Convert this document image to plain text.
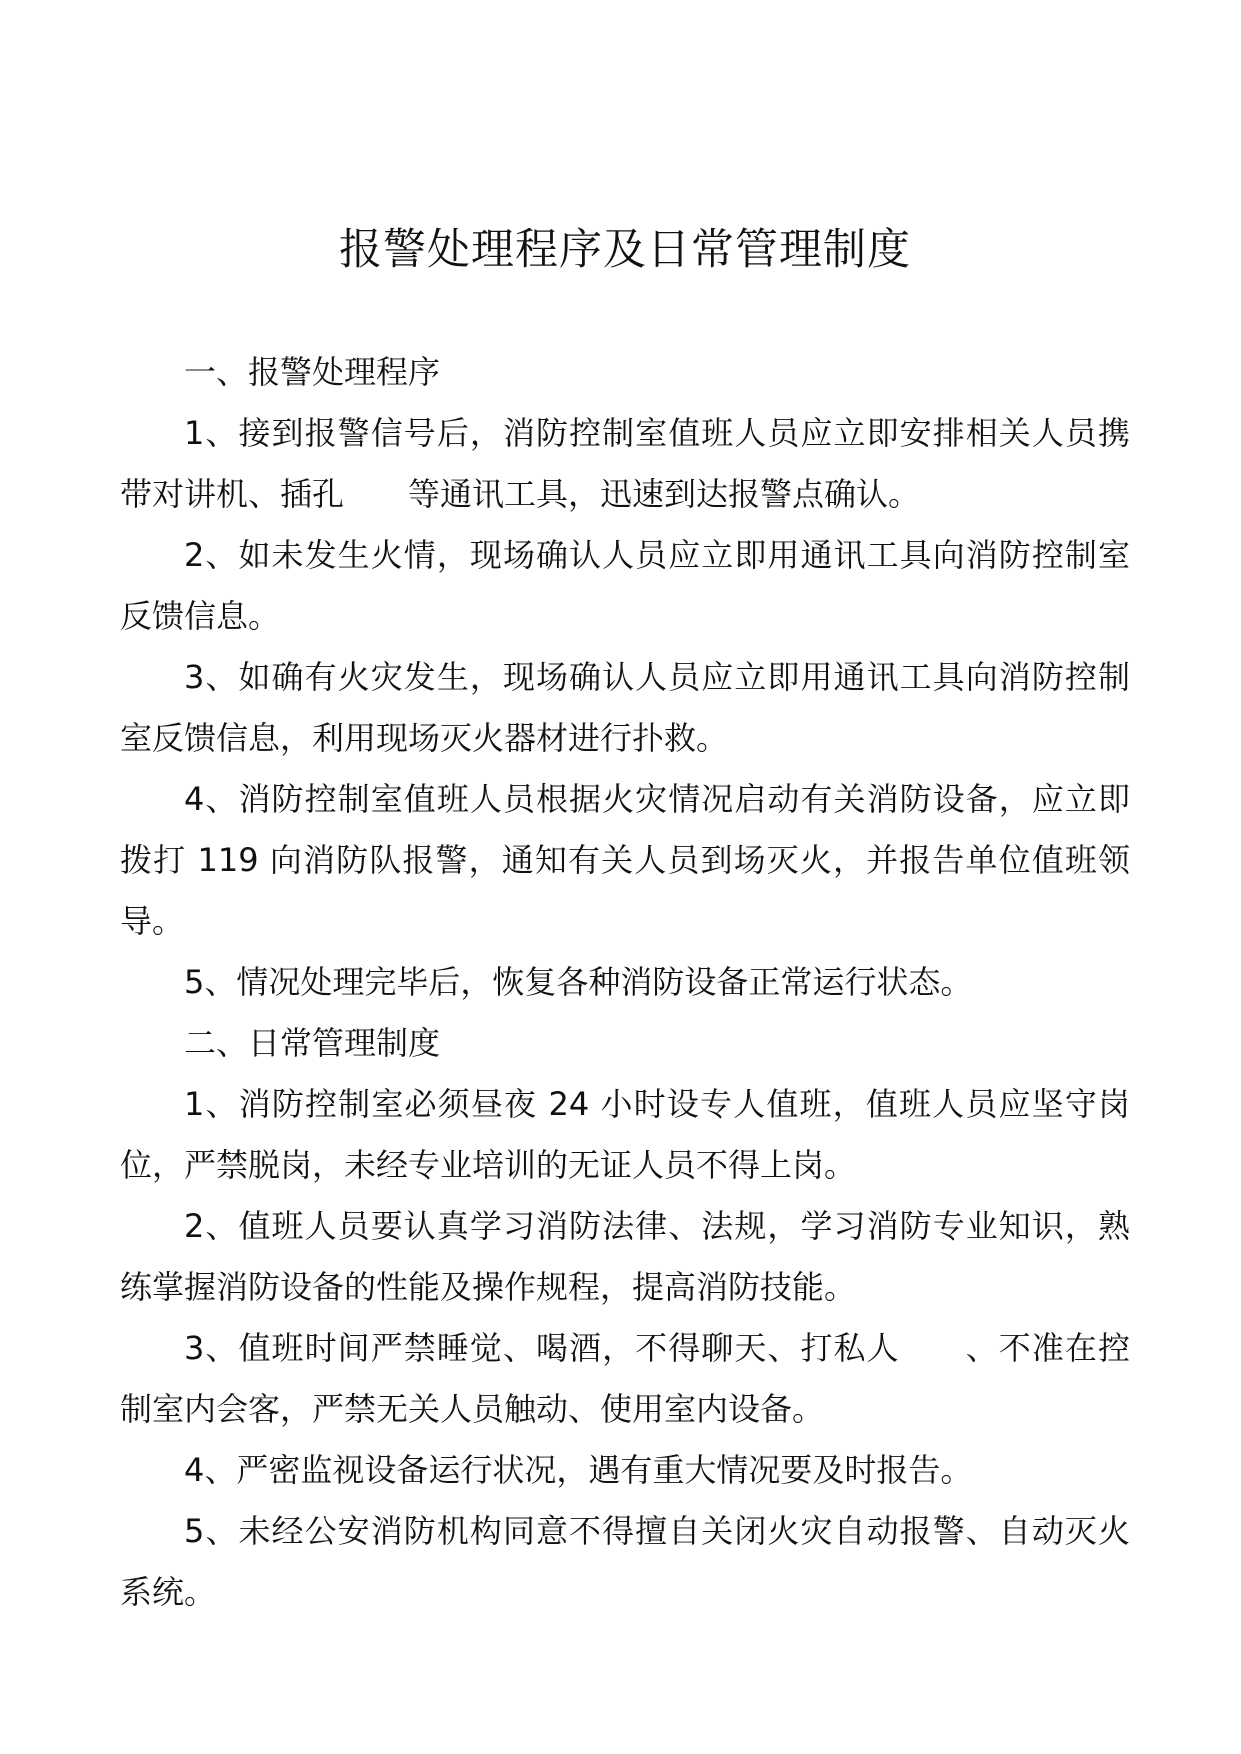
报警处理程序及日常管理制度

一、报警处理程序

1、接到报警信号后，消防控制室值班人员应立即安排相关人员携带对讲机、插孔　　等通讯工具，迅速到达报警点确认。

2、如未发生火情，现场确认人员应立即用通讯工具向消防控制室反馈信息。

3、如确有火灾发生，现场确认人员应立即用通讯工具向消防控制室反馈信息，利用现场灭火器材进行扑救。

4、消防控制室值班人员根据火灾情况启动有关消防设备，应立即拨打 119 向消防队报警，通知有关人员到场灭火，并报告单位值班领导。

5、情况处理完毕后，恢复各种消防设备正常运行状态。

二、日常管理制度

1、消防控制室必须昼夜 24 小时设专人值班，值班人员应坚守岗位，严禁脱岗，未经专业培训的无证人员不得上岗。

2、值班人员要认真学习消防法律、法规，学习消防专业知识，熟练掌握消防设备的性能及操作规程，提高消防技能。

3、值班时间严禁睡觉、喝酒，不得聊天、打私人　　、不准在控制室内会客，严禁无关人员触动、使用室内设备。

4、严密监视设备运行状况，遇有重大情况要及时报告。

5、未经公安消防机构同意不得擅自关闭火灾自动报警、自动灭火系统。
